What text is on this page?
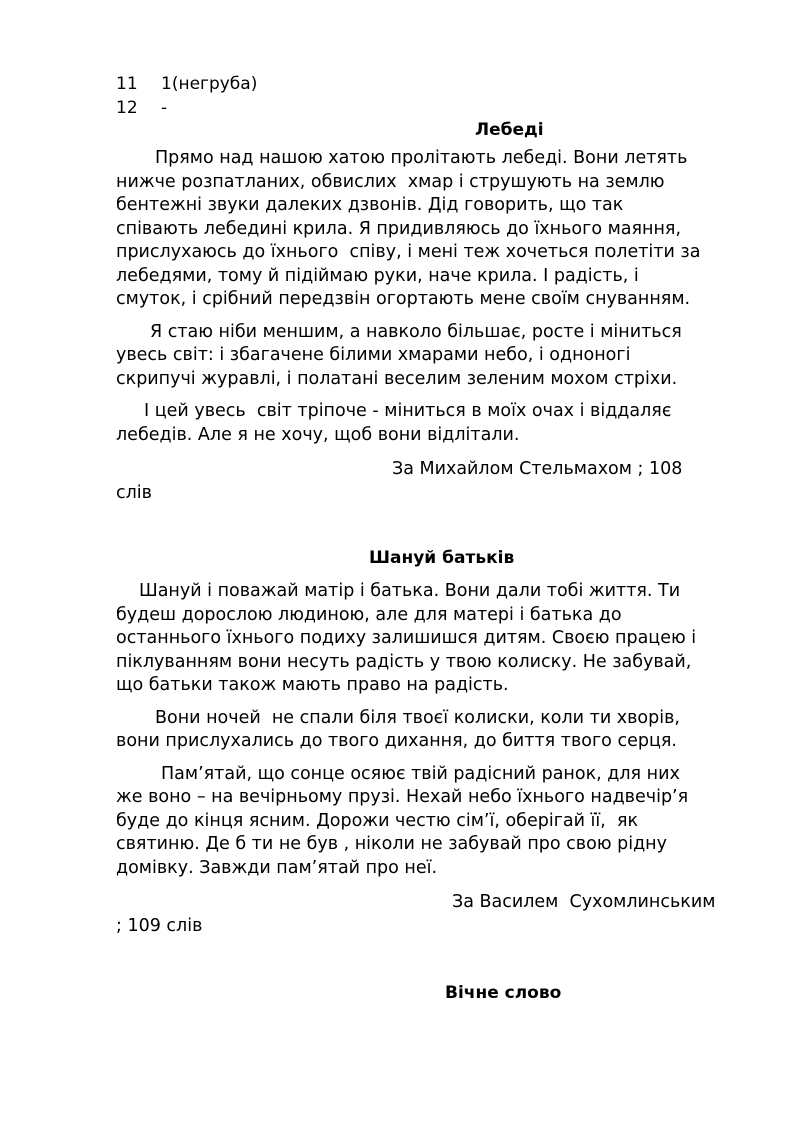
11	1(негруба)
12	-
Лебеді

Прямо над нашою хатою пролітають лебеді. Вони летять
нижче розпатланих, обвислих  хмар і струшують на землю
бентежні звуки далеких дзвонів. Дід говорить, що так
співають лебедині крила. Я придивляюсь до їхнього маяння,
прислухаюсь до їхнього  співу, і мені теж хочеться полетіти за
лебедями, тому й підіймаю руки, наче крила. І радість, і
смуток, і срібний передзвін огортають мене своїм снуванням.

Я стаю ніби меншим, а навколо більшає, росте і міниться
увесь світ: і збагачене білими хмарами небо, і одноногі
скрипучі журавлі, і полатані веселим зеленим мохом стріхи.

І цей увесь  світ тріпоче - міниться в моїх очах і віддаляє
лебедів. Але я не хочу, щоб вони відлітали.

За Михайлом Стельмахом ; 108
слів
Шануй батьків

Шануй і поважай матір і батька. Вони дали тобі життя. Ти
будеш дорослою людиною, але для матері і батька до
останнього їхнього подиху залишишся дитям. Своєю працею і
піклуванням вони несуть радість у твою колиску. Не забувай,
що батьки також мають право на радість.

Вони ночей  не спали біля твоєї колиски, коли ти хворів,
вони прислухались до твого дихання, до биття твого серця.

Пам’ятай, що сонце осяює твій радісний ранок, для них
же воно – на вечірньому прузі. Нехай небо їхнього надвечір’я
буде до кінця ясним. Дорожи честю сім’ї, оберігай її,  як
святиню. Де б ти не був , ніколи не забувай про свою рідну
домівку. Завжди пам’ятай про неї.

За Василем  Сухомлинським
; 109 слів
Вічне слово
